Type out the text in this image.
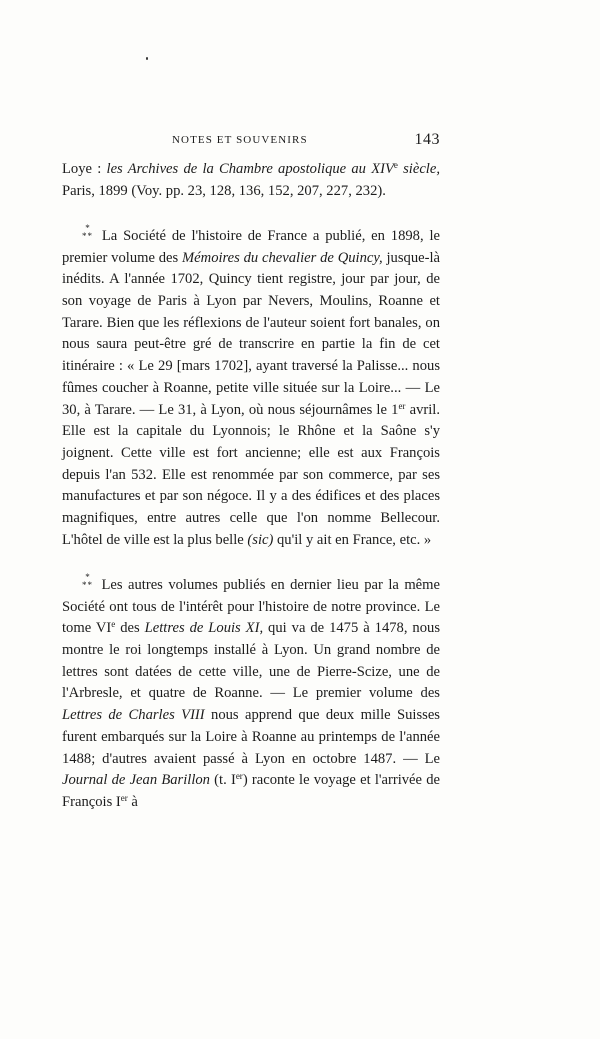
NOTES ET SOUVENIRS	143

Loye : les Archives de la Chambre apostolique au XIVe siècle, Paris, 1899 (Voy. pp. 23, 128, 136, 152, 207, 227, 232).

*
** La Société de l'histoire de France a publié, en 1898, le premier volume des Mémoires du chevalier de Quincy, jusque-là inédits. A l'année 1702, Quincy tient registre, jour par jour, de son voyage de Paris à Lyon par Nevers, Moulins, Roanne et Tarare. Bien que les réflexions de l'auteur soient fort banales, on nous saura peut-être gré de transcrire en partie la fin de cet itinéraire : « Le 29 [mars 1702], ayant traversé la Palisse... nous fûmes coucher à Roanne, petite ville située sur la Loire... — Le 30, à Tarare. — Le 31, à Lyon, où nous séjournâmes le 1er avril. Elle est la capitale du Lyonnois; le Rhône et la Saône s'y joignent. Cette ville est fort ancienne; elle est aux François depuis l'an 532. Elle est renommée par son commerce, par ses manufactures et par son négoce. Il y a des édifices et des places magnifiques, entre autres celle que l'on nomme Bellecour. L'hôtel de ville est la plus belle (sic) qu'il y ait en France, etc. »

*
** Les autres volumes publiés en dernier lieu par la même Société ont tous de l'intérêt pour l'histoire de notre province. Le tome VIe des Lettres de Louis XI, qui va de 1475 à 1478, nous montre le roi longtemps installé à Lyon. Un grand nombre de lettres sont datées de cette ville, une de Pierre-Scize, une de l'Arbresle, et quatre de Roanne. — Le premier volume des Lettres de Charles VIII nous apprend que deux mille Suisses furent embarqués sur la Loire à Roanne au printemps de l'année 1488; d'autres avaient passé à Lyon en octobre 1487. — Le Journal de Jean Barillon (t. Ier) raconte le voyage et l'arrivée de François Ier à
